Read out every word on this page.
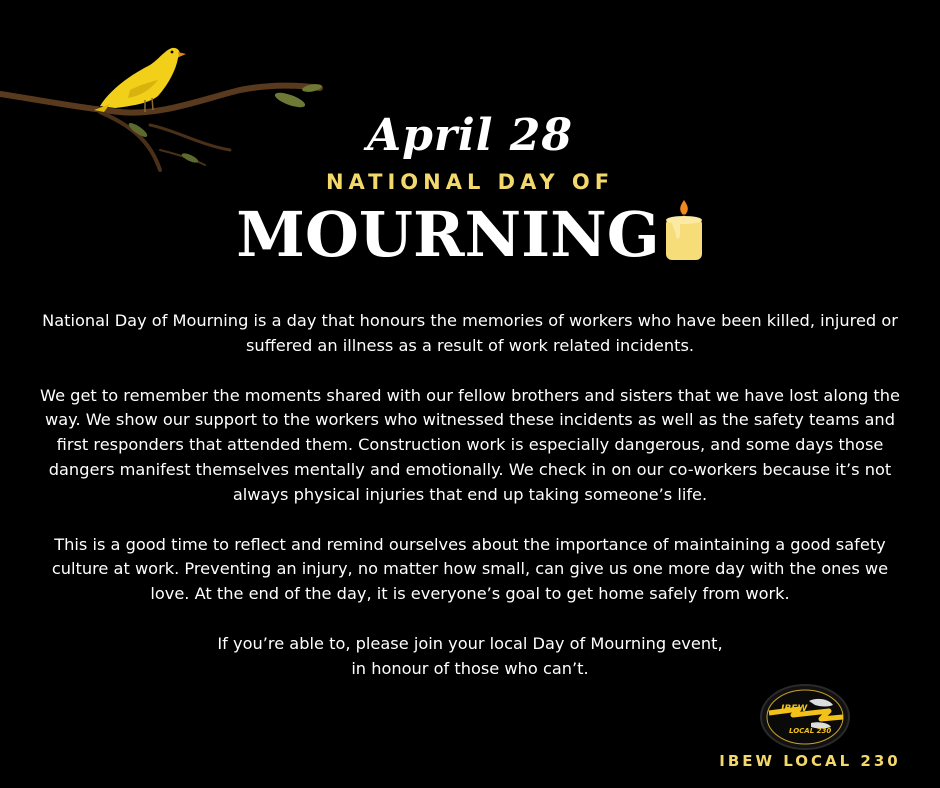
April 28
NATIONAL DAY OF
MOURNING

National Day of Mourning is a day that honours the memories of workers who have been killed, injured or suffered an illness as a result of work related incidents.

We get to remember the moments shared with our fellow brothers and sisters that we have lost along the way. We show our support to the workers who witnessed these incidents as well as the safety teams and first responders that attended them. Construction work is especially dangerous, and some days those dangers manifest themselves mentally and emotionally. We check in on our co-workers because it’s not always physical injuries that end up taking someone’s life.

This is a good time to reflect and remind ourselves about the importance of maintaining a good safety culture at work. Preventing an injury, no matter how small, can give us one more day with the ones we love. At the end of the day, it is everyone’s goal to get home safely from work.

If you’re able to, please join your local Day of Mourning event,
in honour of those who can’t.

IBEW
LOCAL 230
IBEW LOCAL 230
